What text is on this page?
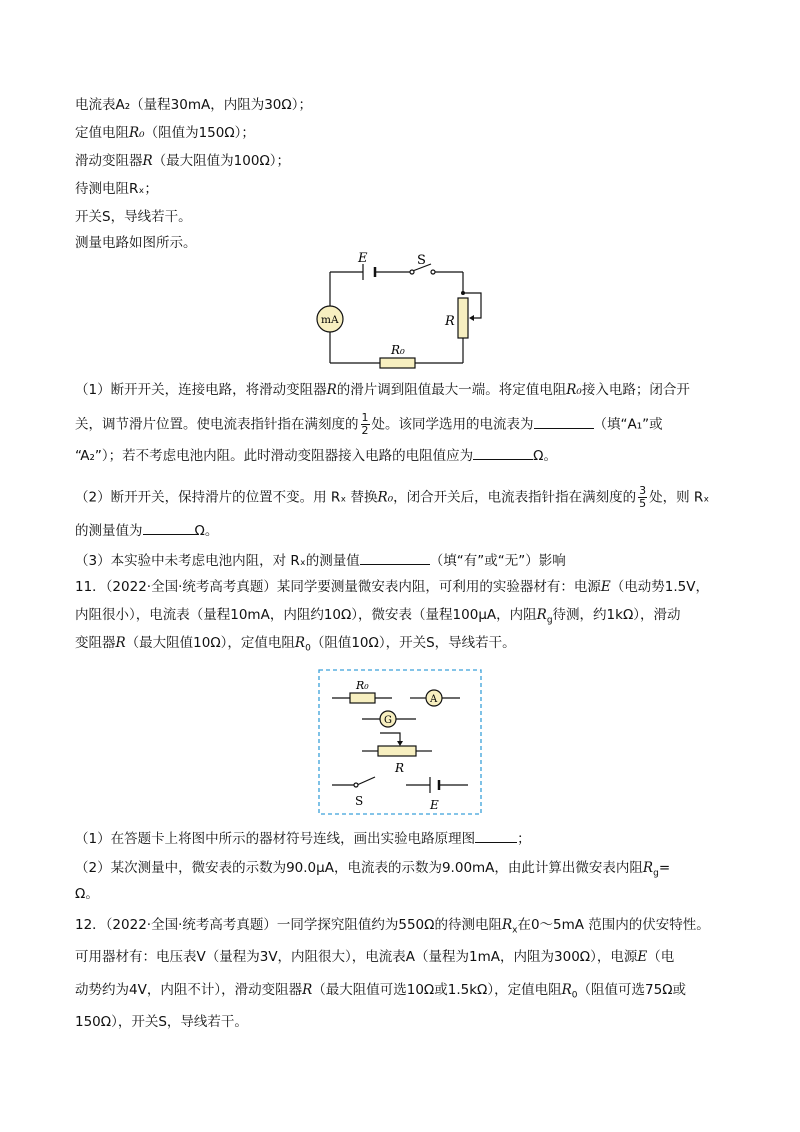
电流表A₂（量程30mA，内阻为30Ω）；
定值电阻R₀（阻值为150Ω）；
滑动变阻器R（最大阻值为100Ω）；
待测电阻Rₓ；
开关S，导线若干。
测量电路如图所示。
E	S
mA	R
R₀
（1）断开开关，连接电路，将滑动变阻器R的滑片调到阻值最大一端。将定值电阻R₀接入电路；闭合开
关，调节滑片位置。使电流表指针指在满刻度的 $\frac{1}{2}$ 处。该同学选用的电流表为	（填“A₁”或
“A₂”）；若不考虑电池内阻。此时滑动变阻器接入电路的电阻值应为	Ω。
（2）断开开关，保持滑片的位置不变。用 Rₓ 替换R₀，闭合开关后，电流表指针指在满刻度的 $\frac{3}{5}$ 处，则 Rₓ
的测量值为	Ω。
（3）本实验中未考虑电池内阻，对 Rₓ的测量值	（填“有”或“无”）影响
11．（2022·全国·统考高考真题）某同学要测量微安表内阻，可利用的实验器材有：电源E（电动势1.5V，
内阻很小），电流表（量程10mA，内阻约10Ω），微安表（量程100μA，内阻$R_g$待测，约1kΩ），滑动
变阻器R（最大阻值10Ω），定值电阻$R_0$（阻值10Ω），开关S，导线若干。
R₀
A
G
R
S	E
（1）在答题卡上将图中所示的器材符号连线，画出实验电路原理图	；
（2）某次测量中，微安表的示数为90.0μA，电流表的示数为9.00mA，由此计算出微安表内阻$R_g=$
Ω。
12．（2022·全国·统考高考真题）一同学探究阻值约为550Ω的待测电阻$R_x$在0～5mA 范围内的伏安特性。
可用器材有：电压表V（量程为3V，内阻很大），电流表A（量程为1mA，内阻为300Ω），电源E（电
动势约为4V，内阻不计），滑动变阻器R（最大阻值可选10Ω或1.5kΩ），定值电阻$R_0$（阻值可选75Ω或
150Ω），开关S，导线若干。
